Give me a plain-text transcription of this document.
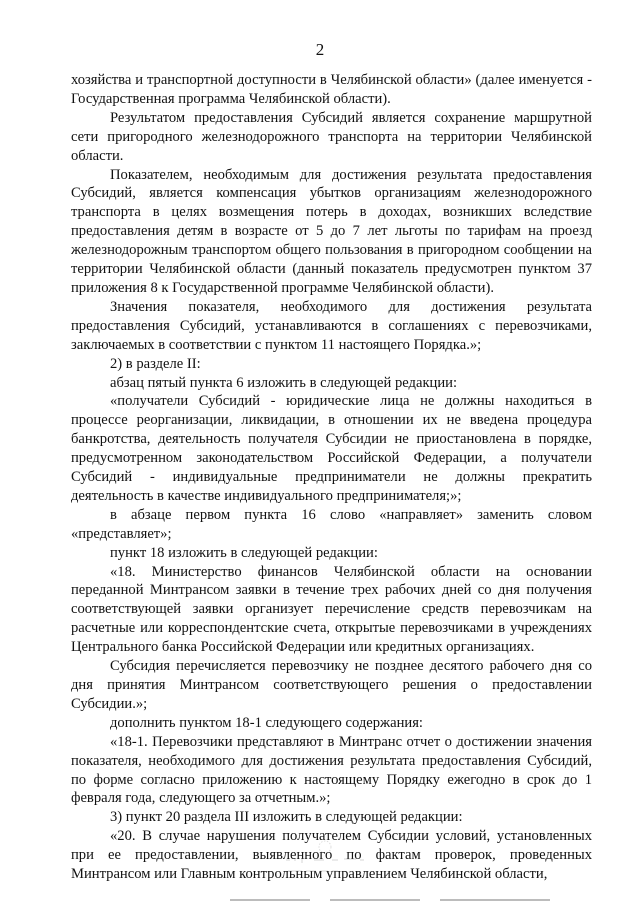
2

хозяйства и транспортной доступности в Челябинской области» (далее именуется - Государственная программа Челябинской области).

Результатом предоставления Субсидий является сохранение маршрутной сети пригородного железнодорожного транспорта на территории Челябинской области.

Показателем, необходимым для достижения результата предоставления Субсидий, является компенсация убытков организациям железнодорожного транспорта в целях возмещения потерь в доходах, возникших вследствие предоставления детям в возрасте от 5 до 7 лет льготы по тарифам на проезд железнодорожным транспортом общего пользования в пригородном сообщении на территории Челябинской области (данный показатель предусмотрен пунктом 37 приложения 8 к Государственной программе Челябинской области).

Значения показателя, необходимого для достижения результата предоставления Субсидий, устанавливаются в соглашениях с перевозчиками, заключаемых в соответствии с пунктом 11 настоящего Порядка.»;

2) в разделе II:

абзац пятый пункта 6 изложить в следующей редакции:

«получатели Субсидий - юридические лица не должны находиться в процессе реорганизации, ликвидации, в отношении их не введена процедура банкротства, деятельность получателя Субсидии не приостановлена в порядке, предусмотренном законодательством Российской Федерации, а получатели Субсидий - индивидуальные предприниматели не должны прекратить деятельность в качестве индивидуального предпринимателя;»;

в абзаце первом пункта 16 слово «направляет» заменить словом «представляет»;

пункт 18 изложить в следующей редакции:

«18. Министерство финансов Челябинской области на основании переданной Минтрансом заявки в течение трех рабочих дней со дня получения соответствующей заявки организует перечисление средств перевозчикам на расчетные или корреспондентские счета, открытые перевозчиками в учреждениях Центрального банка Российской Федерации или кредитных организациях.

Субсидия перечисляется перевозчику не позднее десятого рабочего дня со дня принятия Минтрансом соответствующего решения о предоставлении Субсидии.»;

дополнить пунктом 18-1 следующего содержания:

«18-1. Перевозчики представляют в Минтранс отчет о достижении значения показателя, необходимого для достижения результата предоставления Субсидий, по форме согласно приложению к настоящему Порядку ежегодно в срок до 1 февраля года, следующего за отчетным.»;

3) пункт 20 раздела III изложить в следующей редакции:

«20. В случае нарушения получателем Субсидии условий, установленных при ее предоставлении, выявленного по фактам проверок, проведенных Минтрансом или Главным контрольным управлением Челябинской области,
